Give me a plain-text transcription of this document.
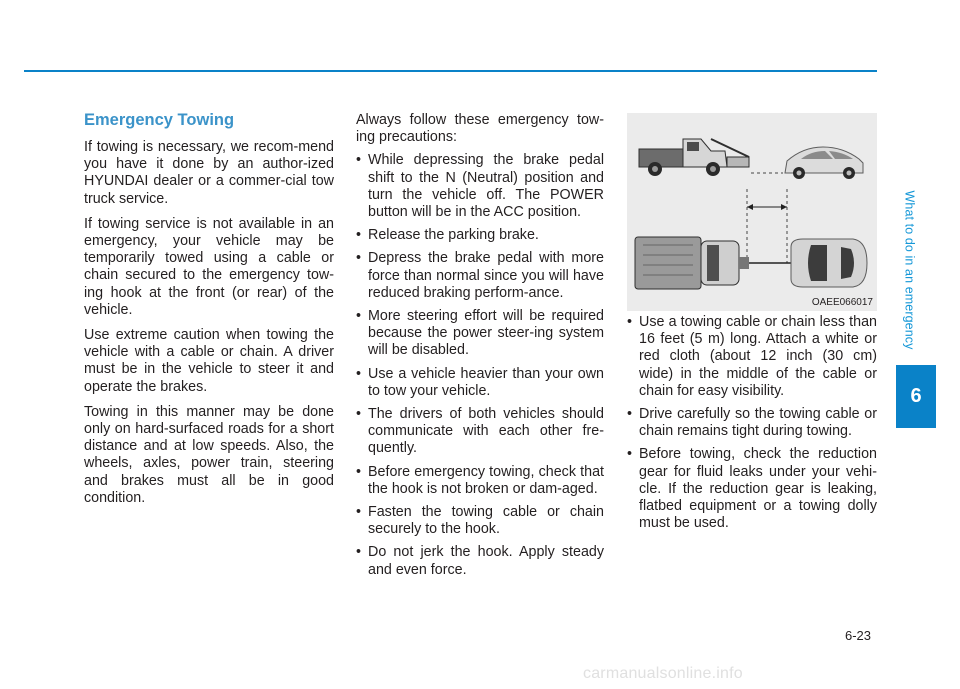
What to do in an emergency
6
Emergency Towing

If towing is necessary, we recom-mend you have it done by an author-ized HYUNDAI dealer or a commer-cial tow truck service.

If towing service is not available in an emergency, your vehicle may be temporarily towed using a cable or chain secured to the emergency tow-ing hook at the front (or rear) of the vehicle.

Use extreme caution when towing the vehicle with a cable or chain. A driver must be in the vehicle to steer it and operate the brakes.

Towing in this manner may be done only on hard-surfaced roads for a short distance and at low speeds. Also, the wheels, axles, power train, steering and brakes must all be in good condition.

Always follow these emergency tow-ing precautions:

• While depressing the brake pedal shift to the N (Neutral) position and turn the vehicle off. The POWER button will be in the ACC position.
• Release the parking brake.
• Depress the brake pedal with more force than normal since you will have reduced braking perform-ance.
• More steering effort will be required because the power steer-ing system will be disabled.
• Use a vehicle heavier than your own to tow your vehicle.
• The drivers of both vehicles should communicate with each other fre-quently.
• Before emergency towing, check that the hook is not broken or dam-aged.
• Fasten the towing cable or chain securely to the hook.
• Do not jerk the hook. Apply steady and even force.
OAEE066017
• Use a towing cable or chain less than 16 feet (5 m) long. Attach a white or red cloth (about 12 inch (30 cm) wide) in the middle of the cable or chain for easy visibility.
• Drive carefully so the towing cable or chain remains tight during towing.
• Before towing, check the reduction gear for fluid leaks under your vehi-cle. If the reduction gear is leaking, flatbed equipment or a towing dolly must be used.
6-23
carmanualsonline.info
